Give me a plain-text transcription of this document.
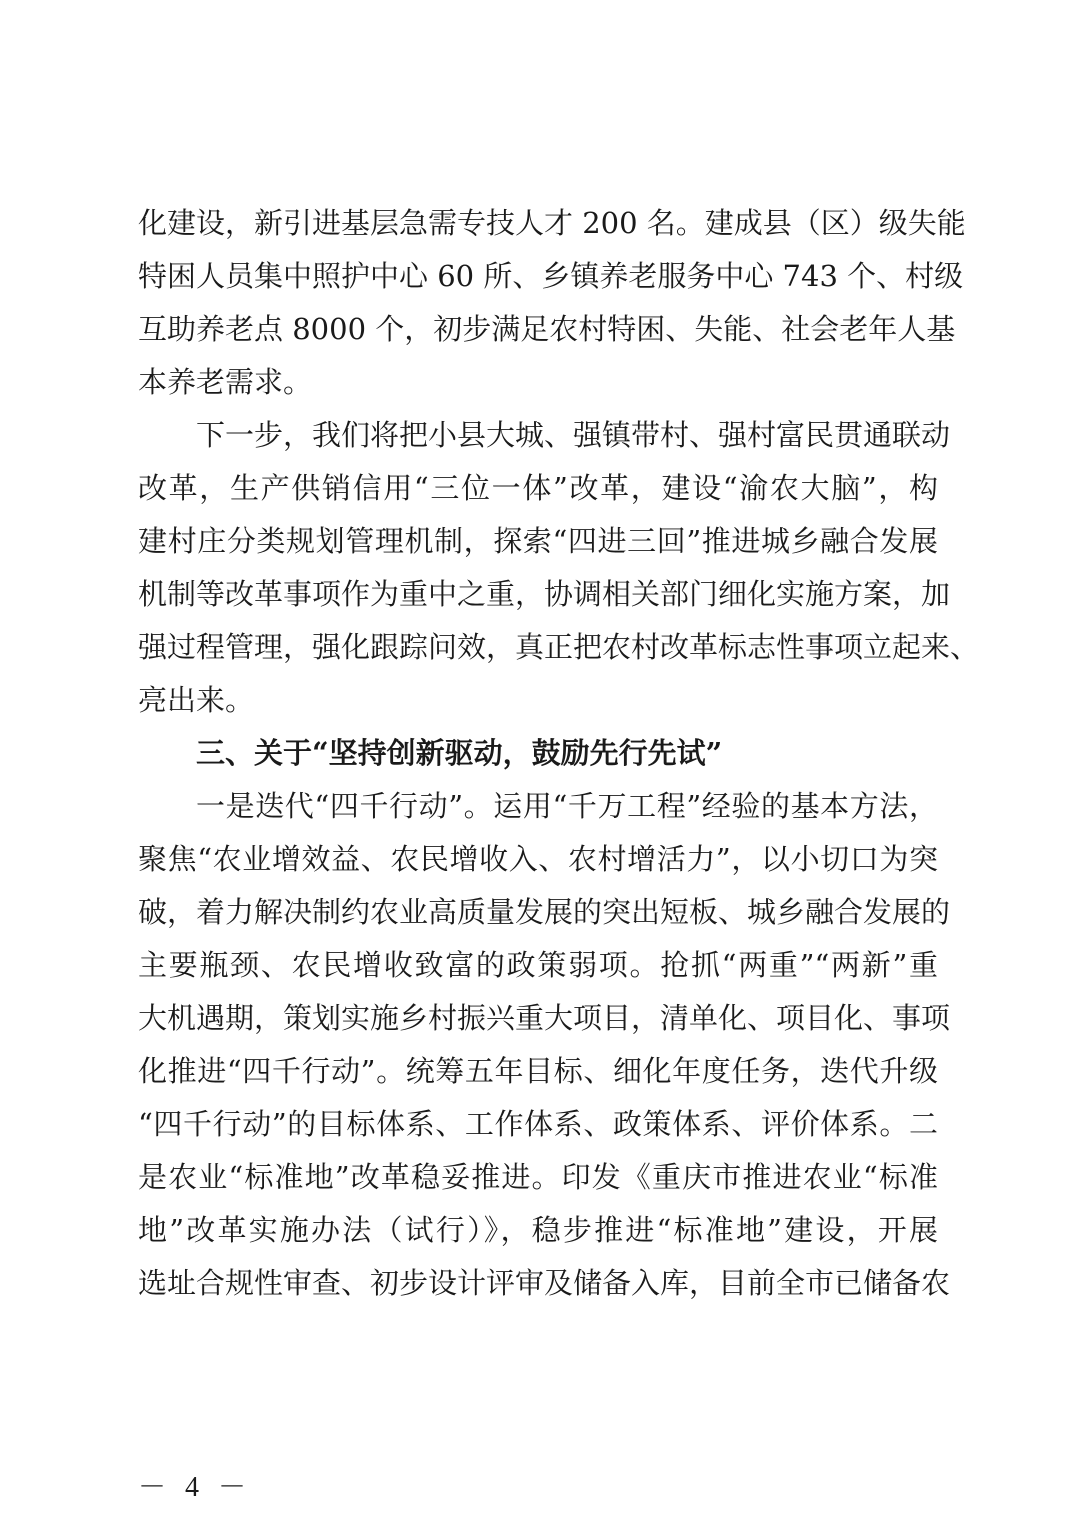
化建设，新引进基层急需专技人才 200 名。建成县（区）级失能
特困人员集中照护中心 60 所、乡镇养老服务中心 743 个、村级
互助养老点 8000 个，初步满足农村特困、失能、社会老年人基
本养老需求。
下一步，我们将把小县大城、强镇带村、强村富民贯通联动
改革，生产供销信用“三位一体”改革，建设“渝农大脑”，构
建村庄分类规划管理机制，探索“四进三回”推进城乡融合发展
机制等改革事项作为重中之重，协调相关部门细化实施方案，加
强过程管理，强化跟踪问效，真正把农村改革标志性事项立起来、
亮出来。
三、关于“坚持创新驱动，鼓励先行先试”
一是迭代“四千行动”。运用“千万工程”经验的基本方法，
聚焦“农业增效益、农民增收入、农村增活力”，以小切口为突
破，着力解决制约农业高质量发展的突出短板、城乡融合发展的
主要瓶颈、农民增收致富的政策弱项。抢抓“两重”“两新”重
大机遇期，策划实施乡村振兴重大项目，清单化、项目化、事项
化推进“四千行动”。统筹五年目标、细化年度任务，迭代升级
“四千行动”的目标体系、工作体系、政策体系、评价体系。二
是农业“标准地”改革稳妥推进。印发《重庆市推进农业“标准
地”改革实施办法（试行）》，稳步推进“标准地”建设，开展
选址合规性审查、初步设计评审及储备入库，目前全市已储备农
－ 4 －
